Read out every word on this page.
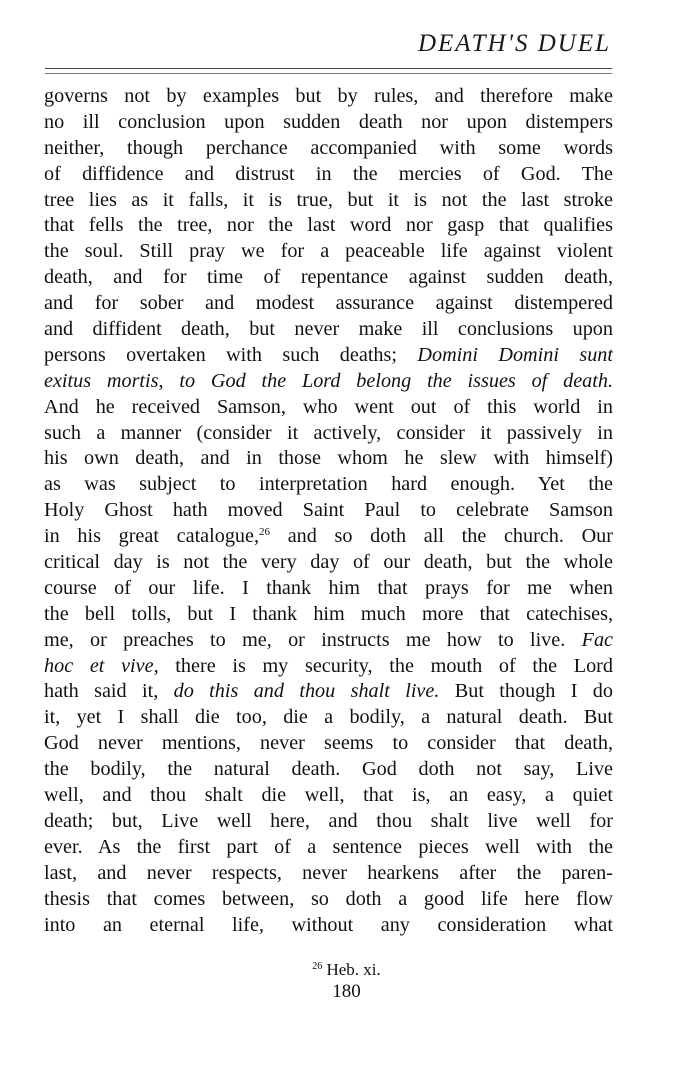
DEATH'S DUEL
governs not by examples but by rules, and therefore make
no ill conclusion upon sudden death nor upon distempers
neither, though perchance accompanied with some words
of diffidence and distrust in the mercies of God. The
tree lies as it falls, it is true, but it is not the last stroke
that fells the tree, nor the last word nor gasp that qualifies
the soul. Still pray we for a peaceable life against violent
death, and for time of repentance against sudden death,
and for sober and modest assurance against distempered
and diffident death, but never make ill conclusions upon
persons overtaken with such deaths; Domini Domini sunt
exitus mortis, to God the Lord belong the issues of death.
And he received Samson, who went out of this world in
such a manner (consider it actively, consider it passively in
his own death, and in those whom he slew with himself)
as was subject to interpretation hard enough. Yet the
Holy Ghost hath moved Saint Paul to celebrate Samson
in his great catalogue,$^{26}$ and so doth all the church. Our
critical day is not the very day of our death, but the whole
course of our life. I thank him that prays for me when
the bell tolls, but I thank him much more that catechises,
me, or preaches to me, or instructs me how to live. Fac
hoc et vive, there is my security, the mouth of the Lord
hath said it, do this and thou shalt live. But though I do
it, yet I shall die too, die a bodily, a natural death. But
God never mentions, never seems to consider that death,
the bodily, the natural death. God doth not say, Live
well, and thou shalt die well, that is, an easy, a quiet
death; but, Live well here, and thou shalt live well for
ever. As the first part of a sentence pieces well with the
last, and never respects, never hearkens after the paren-
thesis that comes between, so doth a good life here flow
into an eternal life, without any consideration what
$^{26}$ Heb. xi.
180
